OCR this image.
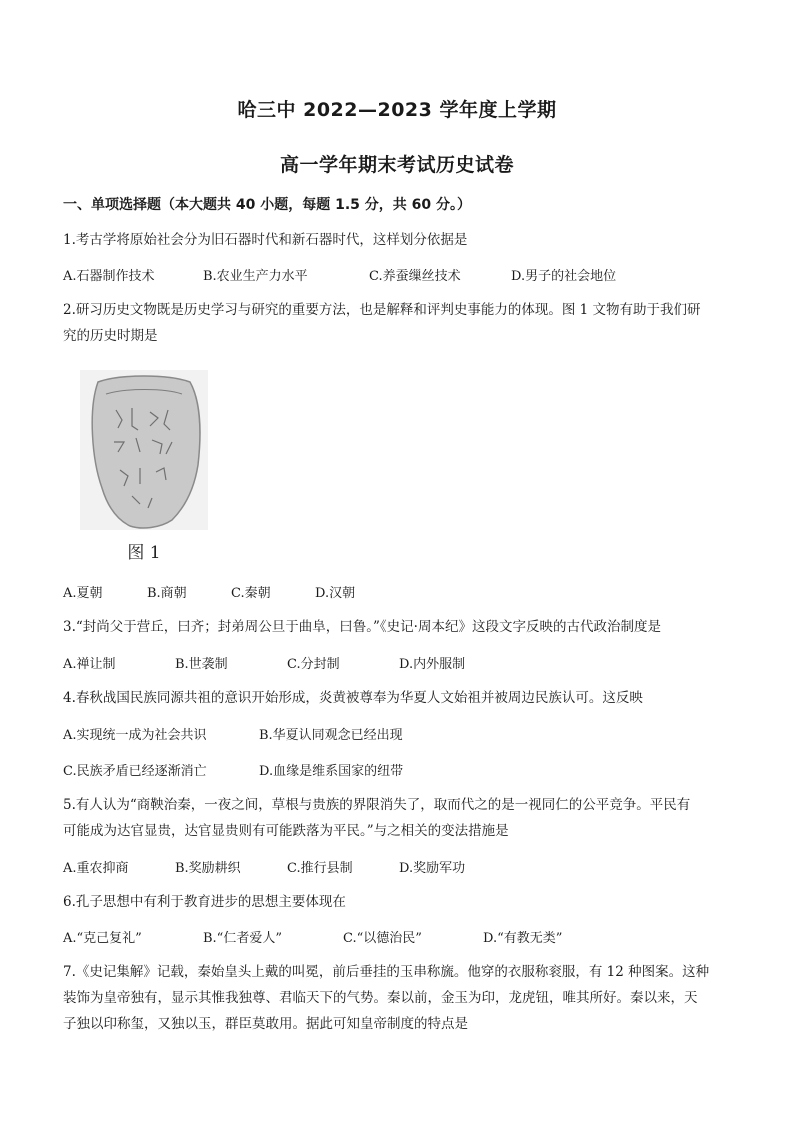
哈三中 2022—2023 学年度上学期
高一学年期末考试历史试卷
一、单项选择题（本大题共 40 小题，每题 1.5 分，共 60 分。）
1.考古学将原始社会分为旧石器时代和新石器时代，这样划分依据是
A.石器制作技术	B.农业生产力水平	C.养蚕缫丝技术	D.男子的社会地位
2.研习历史文物既是历史学习与研究的重要方法，也是解释和评判史事能力的体现。图 1 文物有助于我们研
究的历史时期是
图 1
A.夏朝	B.商朝	C.秦朝	D.汉朝
3.“封尚父于营丘，曰齐；封弟周公旦于曲阜，曰鲁。”《史记·周本纪》这段文字反映的古代政治制度是
A.禅让制	B.世袭制	C.分封制	D.内外服制
4.春秋战国民族同源共祖的意识开始形成，炎黄被尊奉为华夏人文始祖并被周边民族认可。这反映
A.实现统一成为社会共识	B.华夏认同观念已经出现
C.民族矛盾已经逐渐消亡	D.血缘是维系国家的纽带
5.有人认为“商鞅治秦，一夜之间，草根与贵族的界限消失了，取而代之的是一视同仁的公平竞争。平民有
可能成为达官显贵，达官显贵则有可能跌落为平民。”与之相关的变法措施是
A.重农抑商	B.奖励耕织	C.推行县制	D.奖励军功
6.孔子思想中有利于教育进步的思想主要体现在
A.“克己复礼”	B.“仁者爱人”	C.“以德治民”	D.“有教无类”
7.《史记集解》记载，秦始皇头上戴的叫冕，前后垂挂的玉串称旒。他穿的衣服称衮服，有 12 种图案。这种
装饰为皇帝独有，显示其惟我独尊、君临天下的气势。秦以前，金玉为印，龙虎钮，唯其所好。秦以来，天
子独以印称玺，又独以玉，群臣莫敢用。据此可知皇帝制度的特点是
